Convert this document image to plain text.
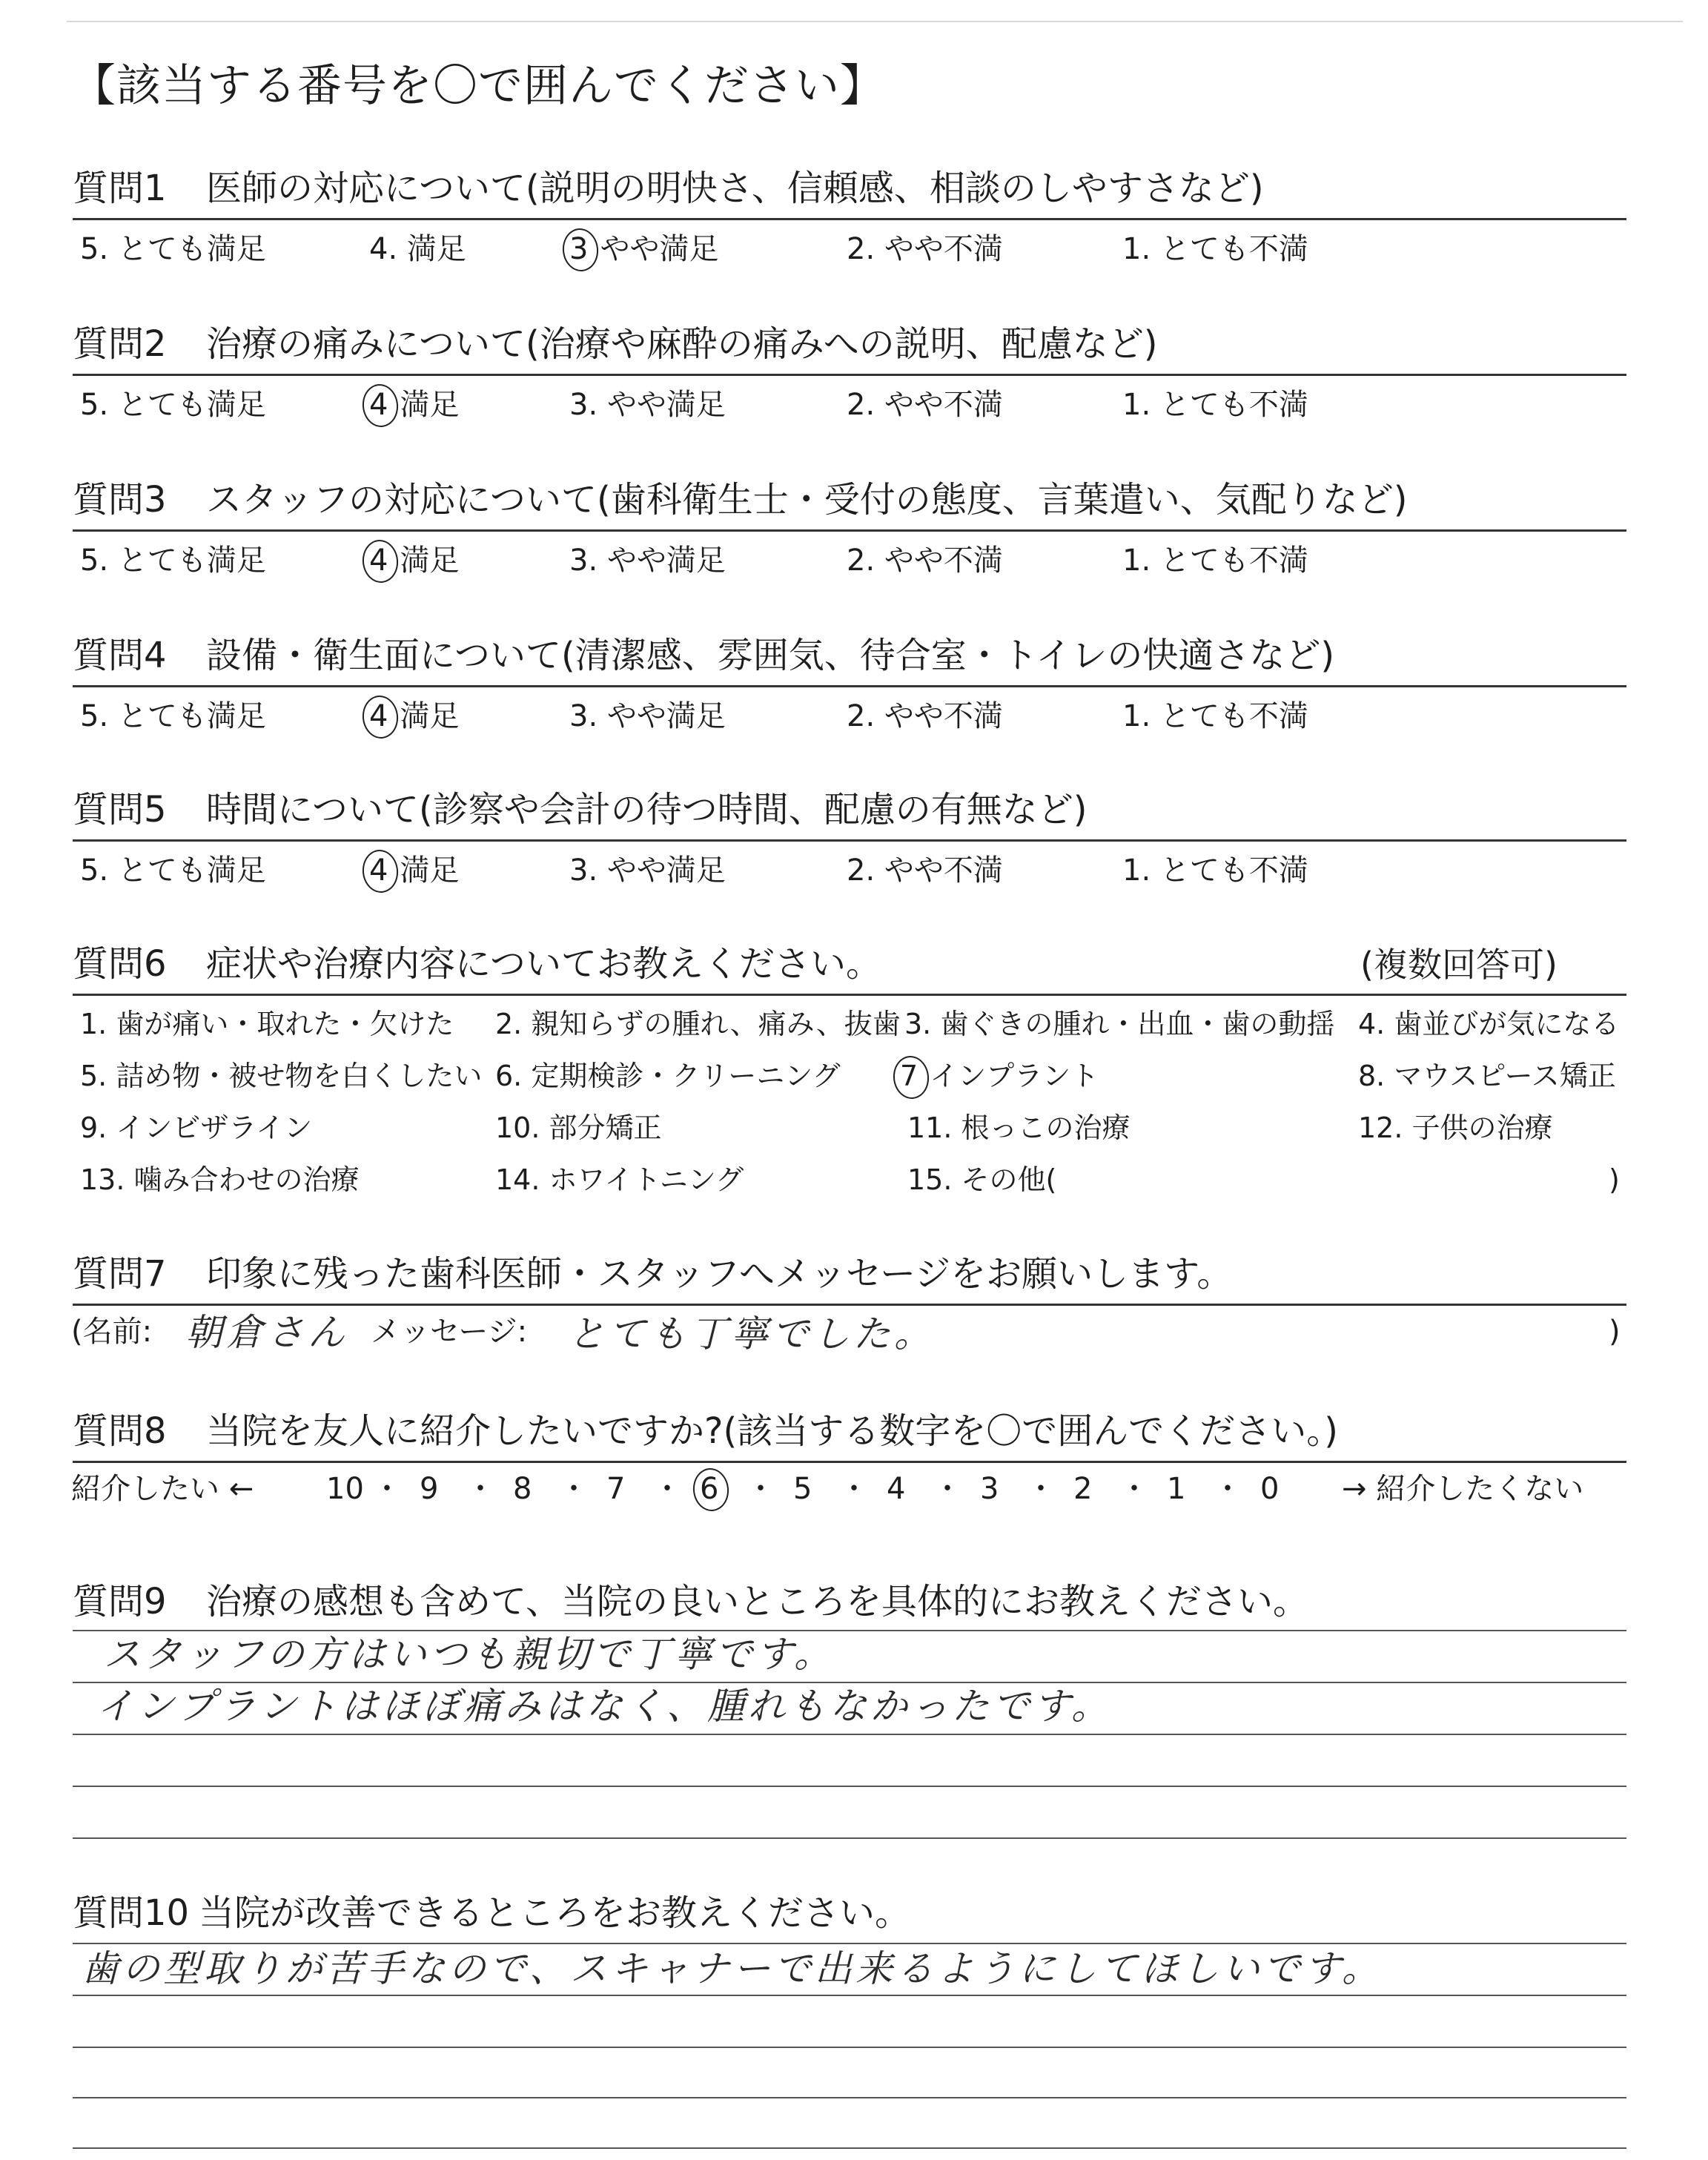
【該当する番号を〇で囲んでください】
質問1 医師の対応について(説明の明快さ、信頼感、相談のしやすさなど)
質問2 治療の痛みについて(治療や麻酔の痛みへの説明、配慮など)
質問3 スタッフの対応について(歯科衛生士・受付の態度、言葉遣い、気配りなど)
質問4 設備・衛生面について(清潔感、雰囲気、待合室・トイレの快適さなど)
質問5 時間について(診察や会計の待つ時間、配慮の有無など)
5. とても満足	4. 満足	3 やや満足	2. やや不満	1. とても不満
5. とても満足	4 満足	3. やや満足	2. やや不満	1. とても不満
5. とても満足	4 満足	3. やや満足	2. やや不満	1. とても不満
5. とても満足	4 満足	3. やや満足	2. やや不満	1. とても不満
5. とても満足	4 満足	3. やや満足	2. やや不満	1. とても不満
質問6 症状や治療内容についてお教えください。	(複数回答可)
1. 歯が痛い・取れた・欠けた 2. 親知らずの腫れ、痛み、抜歯 3. 歯ぐきの腫れ・出血・歯の動揺 4. 歯並びが気になる
5. 詰め物・被せ物を白くしたい 6. 定期検診・クリーニング 7 インプラント	8. マウスピース矯正
9. インビザライン	10. 部分矯正	11. 根っこの治療	12. 子供の治療
13. 噛み合わせの治療	14. ホワイトニング	15. その他(	)
質問7 印象に残った歯科医師・スタッフへメッセージをお願いします。
(名前: 朝倉さん メッセージ: とても丁寧でした。	)
質問8 当院を友人に紹介したいですか?(該当する数字を〇で囲んでください。)
紹介したい ←	→ 紹介したくない
10 ・ 9 ・ 8 ・ 7 ・ 6 ・ 5 ・ 4 ・ 3 ・ 2 ・ 1 ・ 0
質問9 治療の感想も含めて、当院の良いところを具体的にお教えください。
スタッフの方はいつも親切で丁寧です。
インプラントはほぼ痛みはなく、腫れもなかったです。
質問10 当院が改善できるところをお教えください。
歯の型取りが苦手なので、スキャナーで出来るようにしてほしいです。
